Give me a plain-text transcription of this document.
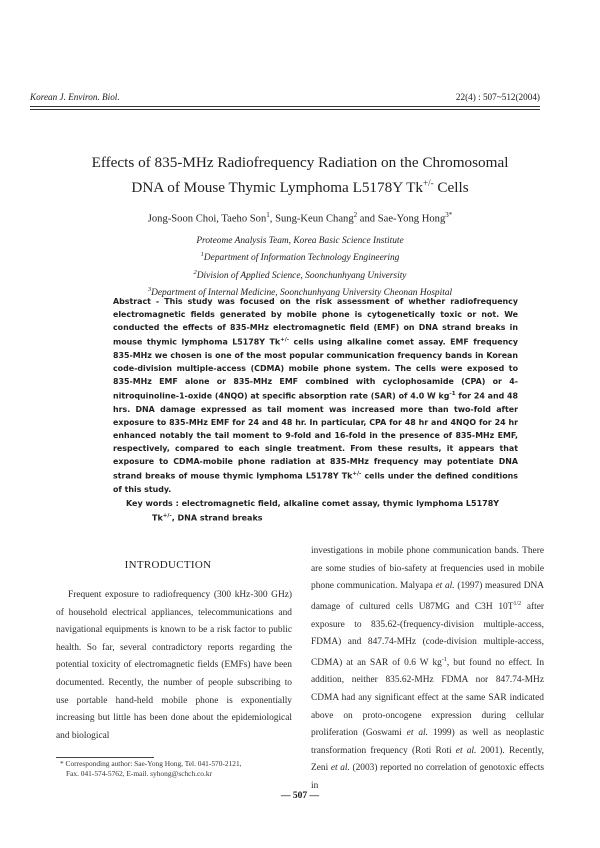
Korean J. Environ. Biol.	22(4) : 507~512(2004)
Effects of 835-MHz Radiofrequency Radiation on the Chromosomal
DNA of Mouse Thymic Lymphoma L5178Y Tk+/- Cells
Jong-Soon Choi, Taeho Son$^1$, Sung-Keun Chang$^2$ and Sae-Yong Hong$^{3*}$
Proteome Analysis Team, Korea Basic Science Institute
$^1$Department of Information Technology Engineering
$^2$Division of Applied Science, Soonchunhyang University
$^3$Department of Internal Medicine, Soonchunhyang University Cheonan Hospital
Abstract - This study was focused on the risk assessment of whether radiofrequency electromagnetic fields generated by mobile phone is cytogenetically toxic or not. We conducted the effects of 835-MHz electromagnetic field (EMF) on DNA strand breaks in mouse thymic lymphoma L5178Y Tk+/- cells using alkaline comet assay. EMF frequency 835-MHz we chosen is one of the most popular communication frequency bands in Korean code-division multiple-access (CDMA) mobile phone system. The cells were exposed to 835-MHz EMF alone or 835-MHz EMF combined with cyclophosamide (CPA) or 4-nitroquinoline-1-oxide (4NQO) at specific absorption rate (SAR) of 4.0 W $kg^{-1}$ for 24 and 48 hrs. DNA damage expressed as tail moment was increased more than two-fold after exposure to 835-MHz EMF for 24 and 48 hr. In particular, CPA for 48 hr and 4NQO for 24 hr enhanced notably the tail moment to 9-fold and 16-fold in the presence of 835-MHz EMF, respectively, compared to each single treatment. From these results, it appears that exposure to CDMA-mobile phone radiation at 835-MHz frequency may potentiate DNA strand breaks of mouse thymic lymphoma L5178Y Tk+/- cells under the defined conditions of this study.
Key words : electromagnetic field, alkaline comet assay, thymic lymphoma L5178Y
Tk+/-, DNA strand breaks
INTRODUCTION

Frequent exposure to radiofrequency (300 kHz-300 GHz) of household electrical appliances, telecommunications and navigational equipments is known to be a risk factor to public health. So far, several contradictory reports regarding the potential toxicity of electromagnetic fields (EMFs) have been documented. Recently, the number of people subscribing to use portable hand-held mobile phone is exponentially increasing but little has been done about the epidemiological and biological

investigations in mobile phone communication bands. There are some studies of bio-safety at frequencies used in mobile phone communication. Malyapa et al. (1997) measured DNA damage of cultured cells U87MG and C3H $10T^{1/2}$ after exposure to 835.62-(frequency-division multiple-access, FDMA) and 847.74-MHz (code-division multiple-access, CDMA) at an SAR of 0.6 W $kg^{-1}$, but found no effect. In addition, neither 835.62-MHz FDMA nor 847.74-MHz CDMA had any significant effect at the same SAR indicated above on proto-oncogene expression during cellular proliferation (Goswami et al. 1999) as well as neoplastic transformation frequency (Roti Roti et al. 2001). Recently, Zeni et al. (2003) reported no correlation of genotoxic effects in

* Corresponding author: Sae-Yong Hong, Tel. 041-570-2121,
Fax. 041-574-5762, E-mail. syhong@schch.co.kr
— 507 —
